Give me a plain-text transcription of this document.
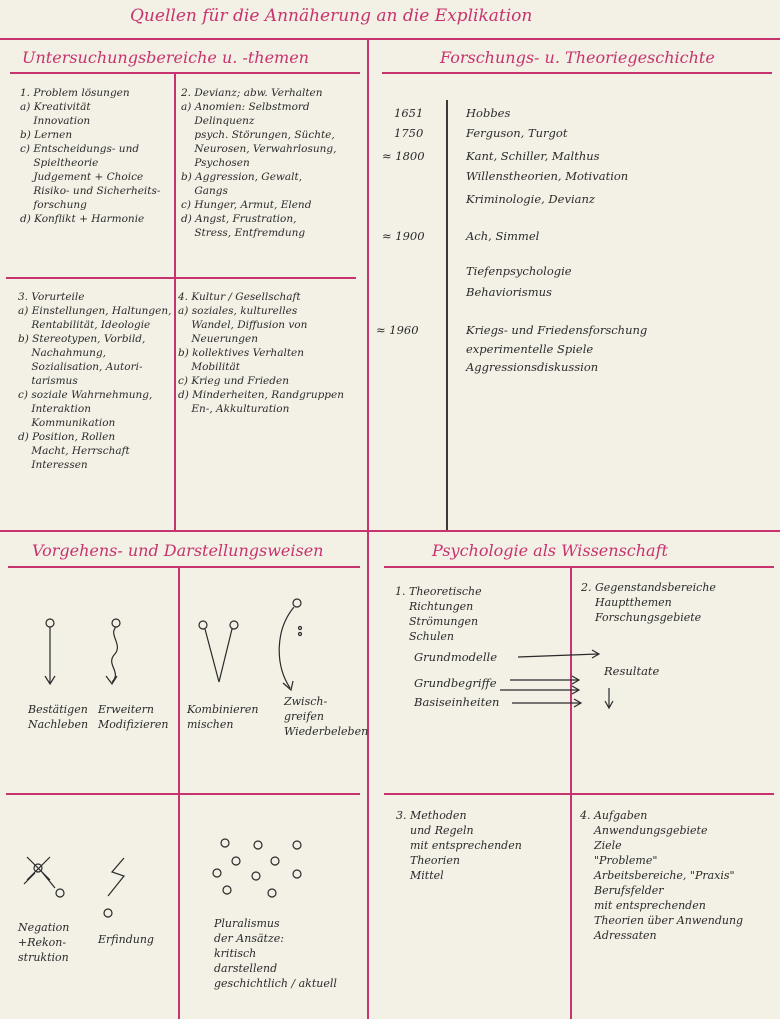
Quellen für die Annäherung an die Explikation
Untersuchungsbereiche u. -themen	Forschungs- u. Theoriegeschichte
Vorgehens- und Darstellungsweisen	Psychologie als Wissenschaft
1. Problem lösungen
a) Kreativität
Innovation
b) Lernen
c) Entscheidungs- und
Spieltheorie
Judgement + Choice
Risiko- und Sicherheits-
forschung
d) Konflikt + Harmonie
2. Devianz; abw. Verhalten
a) Anomien: Selbstmord
Delinquenz
psych. Störungen, Süchte,
Neurosen, Verwahrlosung,
Psychosen
b) Aggression, Gewalt,
Gangs
c) Hunger, Armut, Elend
d) Angst, Frustration,
Stress, Entfremdung
3. Vorurteile
a) Einstellungen, Haltungen,
Rentabilität, Ideologie
b) Stereotypen, Vorbild,
Nachahmung,
Sozialisation, Autori-
tarismus
c) soziale Wahrnehmung,
Interaktion
Kommunikation
d) Position, Rollen
Macht, Herrschaft
Interessen
4. Kultur / Gesellschaft
a) soziales, kulturelles
Wandel, Diffusion von
Neuerungen
b) kollektives Verhalten
Mobilität
c) Krieg und Frieden
d) Minderheiten, Randgruppen
En-, Akkulturation
1651	Hobbes
1750	Ferguson, Turgot
≈ 1800	Kant, Schiller, Malthus
Willenstheorien, Motivation
Kriminologie, Devianz
≈ 1900	Ach, Simmel
Tiefenpsychologie
Behaviorismus
≈ 1960	Kriegs- und Friedensforschung
experimentelle Spiele
Aggressionsdiskussion
Bestätigen
Nachleben
Erweitern
Modifizieren
Kombinieren
mischen
Zwisch-
greifen
Wiederbeleben
Negation
+Rekon-
struktion
Erfindung
Pluralismus
der Ansätze:
kritisch
darstellend
geschichtlich / aktuell
1. Theoretische
Richtungen
Strömungen
Schulen
Grundmodelle
Grundbegriffe
Basiseinheiten
2. Gegenstandsbereiche
Hauptthemen
Forschungsgebiete
Resultate
3. Methoden
und Regeln
mit entsprechenden
Theorien
Mittel
4. Aufgaben
Anwendungsgebiete
Ziele
"Probleme"
Arbeitsbereiche, "Praxis"
Berufsfelder
mit entsprechenden
Theorien über Anwendung
Adressaten
